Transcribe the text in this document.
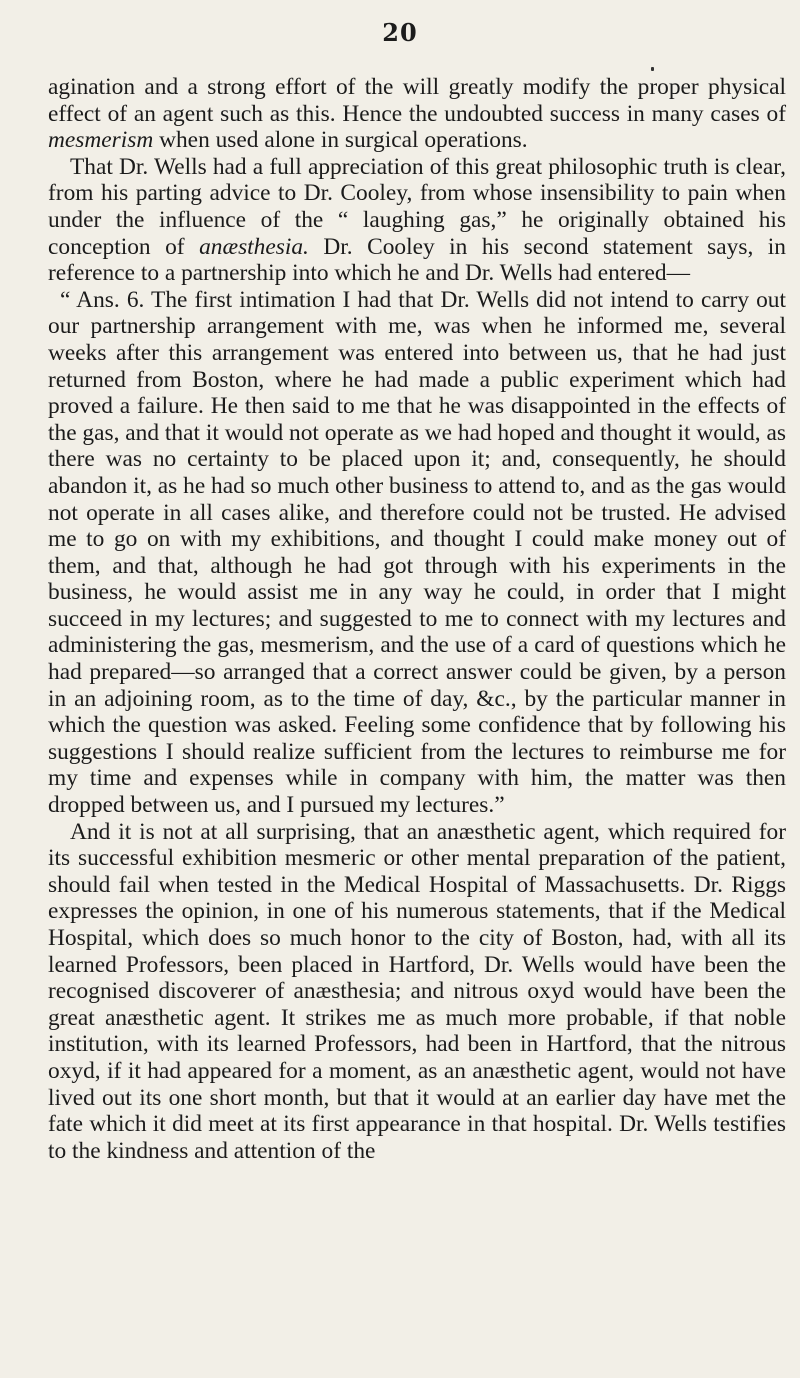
20

agination and a strong effort of the will greatly modify the proper physical effect of an agent such as this. Hence the undoubted success in many cases of mesmerism when used alone in surgical operations.

That Dr. Wells had a full appreciation of this great philosophic truth is clear, from his parting advice to Dr. Cooley, from whose insensibility to pain when under the influence of the “ laughing gas,” he originally obtained his conception of anæsthesia. Dr. Cooley in his second statement says, in reference to a partnership into which he and Dr. Wells had entered—

“ Ans. 6. The first intimation I had that Dr. Wells did not intend to carry out our partnership arrangement with me, was when he informed me, several weeks after this arrangement was entered into between us, that he had just returned from Boston, where he had made a public experiment which had proved a failure. He then said to me that he was disappointed in the effects of the gas, and that it would not operate as we had hoped and thought it would, as there was no certainty to be placed upon it; and, consequently, he should abandon it, as he had so much other business to attend to, and as the gas would not operate in all cases alike, and therefore could not be trusted. He advised me to go on with my exhibitions, and thought I could make money out of them, and that, although he had got through with his experiments in the business, he would assist me in any way he could, in order that I might succeed in my lectures; and suggested to me to connect with my lectures and administering the gas, mesmerism, and the use of a card of questions which he had prepared—so arranged that a correct answer could be given, by a person in an adjoining room, as to the time of day, &c., by the particular manner in which the question was asked. Feeling some confidence that by following his suggestions I should realize sufficient from the lectures to reimburse me for my time and expenses while in company with him, the matter was then dropped between us, and I pursued my lectures.”

And it is not at all surprising, that an anæsthetic agent, which required for its successful exhibition mesmeric or other mental preparation of the patient, should fail when tested in the Medical Hospital of Massachusetts. Dr. Riggs expresses the opinion, in one of his numerous statements, that if the Medical Hospital, which does so much honor to the city of Boston, had, with all its learned Professors, been placed in Hartford, Dr. Wells would have been the recognised discoverer of anæsthesia; and nitrous oxyd would have been the great anæsthetic agent. It strikes me as much more probable, if that noble institution, with its learned Professors, had been in Hartford, that the nitrous oxyd, if it had appeared for a moment, as an anæsthetic agent, would not have lived out its one short month, but that it would at an earlier day have met the fate which it did meet at its first appearance in that hospital. Dr. Wells testifies to the kindness and attention of the
